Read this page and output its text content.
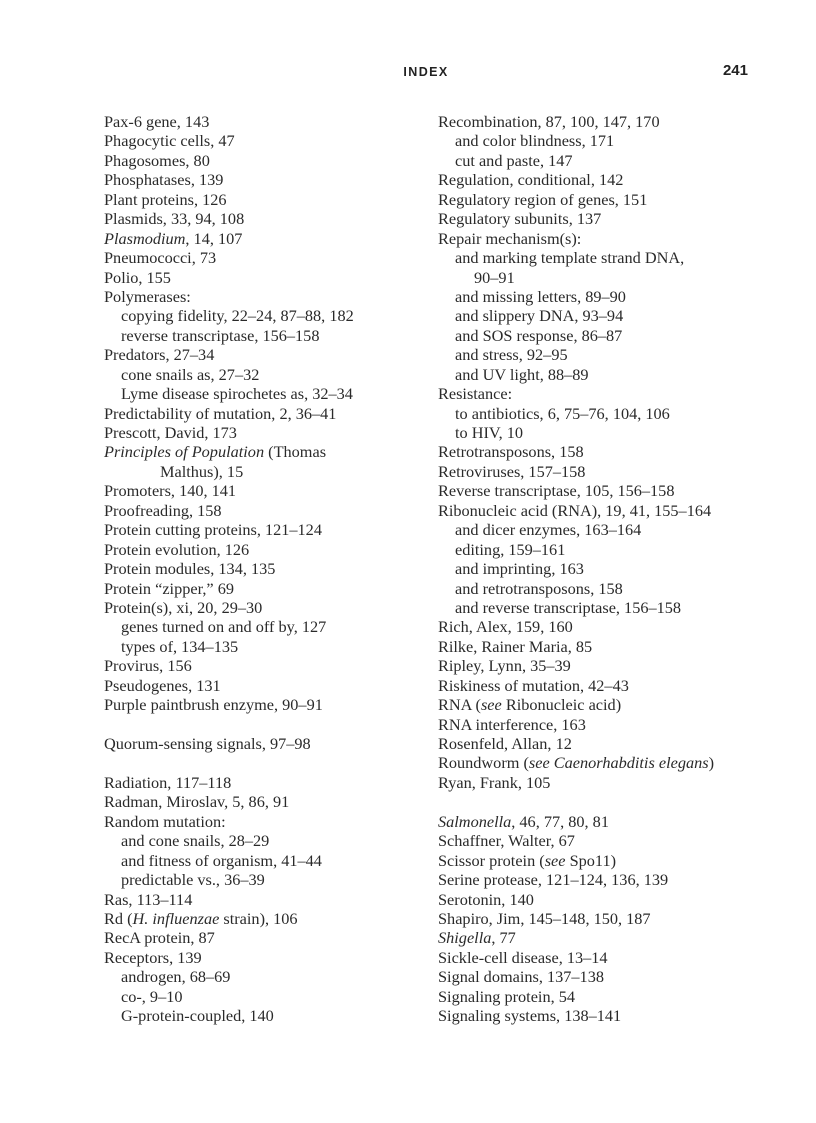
INDEX	241
Pax-6 gene, 143
Phagocytic cells, 47
Phagosomes, 80
Phosphatases, 139
Plant proteins, 126
Plasmids, 33, 94, 108
Plasmodium, 14, 107
Pneumococci, 73
Polio, 155
Polymerases:
copying fidelity, 22–24, 87–88, 182
reverse transcriptase, 156–158
Predators, 27–34
cone snails as, 27–32
Lyme disease spirochetes as, 32–34
Predictability of mutation, 2, 36–41
Prescott, David, 173
Principles of Population (Thomas
Malthus), 15
Promoters, 140, 141
Proofreading, 158
Protein cutting proteins, 121–124
Protein evolution, 126
Protein modules, 134, 135
Protein “zipper,” 69
Protein(s), xi, 20, 29–30
genes turned on and off by, 127
types of, 134–135
Provirus, 156
Pseudogenes, 131
Purple paintbrush enzyme, 90–91
Quorum-sensing signals, 97–98
Radiation, 117–118
Radman, Miroslav, 5, 86, 91
Random mutation:
and cone snails, 28–29
and fitness of organism, 41–44
predictable vs., 36–39
Ras, 113–114
Rd (H. influenzae strain), 106
RecA protein, 87
Receptors, 139
androgen, 68–69
co-, 9–10
G-protein-coupled, 140
Recombination, 87, 100, 147, 170
and color blindness, 171
cut and paste, 147
Regulation, conditional, 142
Regulatory region of genes, 151
Regulatory subunits, 137
Repair mechanism(s):
and marking template strand DNA,
90–91
and missing letters, 89–90
and slippery DNA, 93–94
and SOS response, 86–87
and stress, 92–95
and UV light, 88–89
Resistance:
to antibiotics, 6, 75–76, 104, 106
to HIV, 10
Retrotransposons, 158
Retroviruses, 157–158
Reverse transcriptase, 105, 156–158
Ribonucleic acid (RNA), 19, 41, 155–164
and dicer enzymes, 163–164
editing, 159–161
and imprinting, 163
and retrotransposons, 158
and reverse transcriptase, 156–158
Rich, Alex, 159, 160
Rilke, Rainer Maria, 85
Ripley, Lynn, 35–39
Riskiness of mutation, 42–43
RNA (see Ribonucleic acid)
RNA interference, 163
Rosenfeld, Allan, 12
Roundworm (see Caenorhabditis elegans)
Ryan, Frank, 105
Salmonella, 46, 77, 80, 81
Schaffner, Walter, 67
Scissor protein (see Spo11)
Serine protease, 121–124, 136, 139
Serotonin, 140
Shapiro, Jim, 145–148, 150, 187
Shigella, 77
Sickle-cell disease, 13–14
Signal domains, 137–138
Signaling protein, 54
Signaling systems, 138–141
